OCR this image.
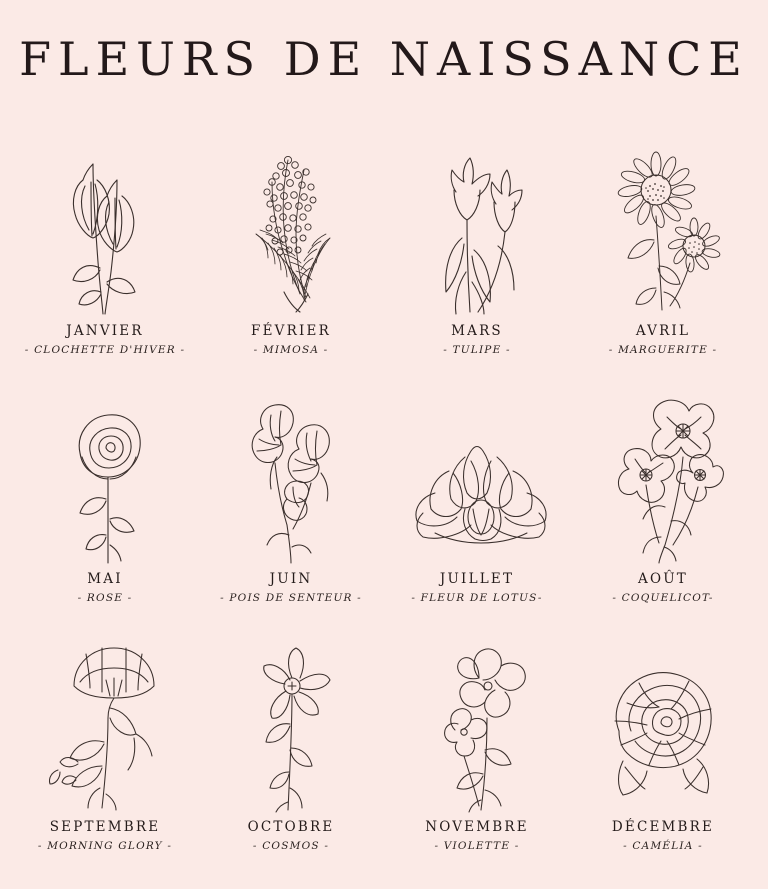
FLEURS DE NAISSANCE
JANVIER
- CLOCHETTE D'HIVER -
FÉVRIER
- MIMOSA -
MARS
- TULIPE -
AVRIL
- MARGUERITE -
MAI
- ROSE -
JUIN
- POIS DE SENTEUR -
JUILLET
- FLEUR DE LOTUS-
AOÛT
- COQUELICOT-
SEPTEMBRE
- MORNING GLORY -
OCTOBRE
- COSMOS -
NOVEMBRE
- VIOLETTE -
DÉCEMBRE
- CAMÉLIA -
